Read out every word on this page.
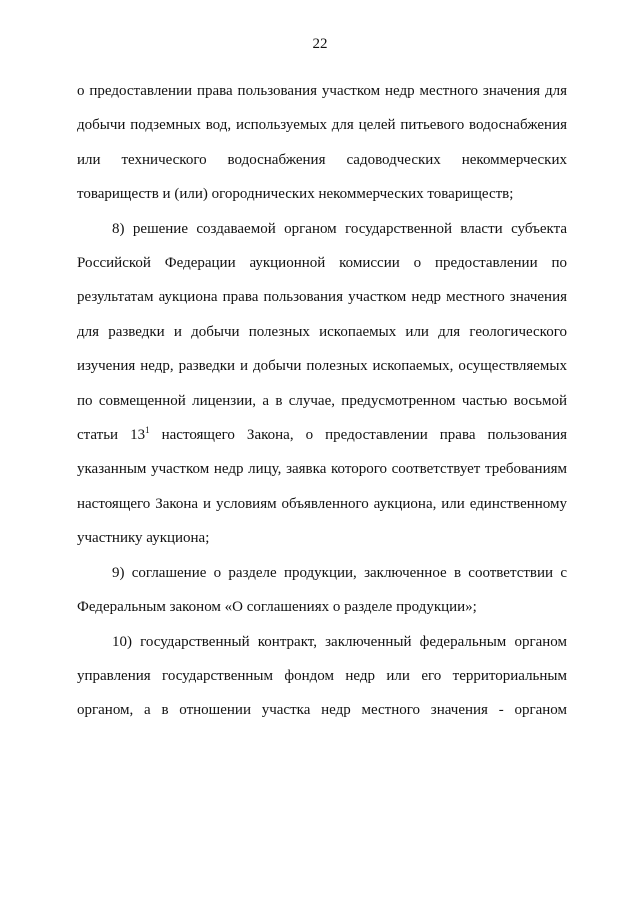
22

о предоставлении права пользования участком недр местного значения для добычи подземных вод, используемых для целей питьевого водоснабжения или технического водоснабжения садоводческих некоммерческих товариществ и (или) огороднических некоммерческих товариществ;

8) решение создаваемой органом государственной власти субъекта Российской Федерации аукционной комиссии о предоставлении по результатам аукциона права пользования участком недр местного значения для разведки и добычи полезных ископаемых или для геологического изучения недр, разведки и добычи полезных ископаемых, осуществляемых по совмещенной лицензии, а в случае, предусмотренном частью восьмой статьи $13^1$ настоящего Закона, о предоставлении права пользования указанным участком недр лицу, заявка которого соответствует требованиям настоящего Закона и условиям объявленного аукциона, или единственному участнику аукциона;

9) соглашение о разделе продукции, заключенное в соответствии с Федеральным законом «О соглашениях о разделе продукции»;

10) государственный контракт, заключенный федеральным органом управления государственным фондом недр или его территориальным органом, а в отношении участка недр местного значения - органом
